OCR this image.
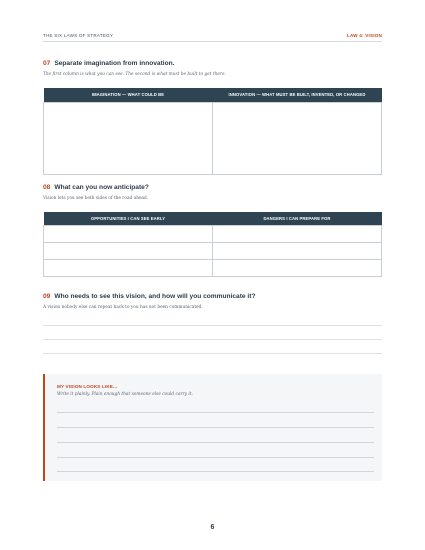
THE SIX LAWS OF STRATEGY	LAW 4: VISION
07 Separate imagination from innovation.
The first column is what you can see. The second is what must be built to get there.
IMAGINATION — WHAT COULD BE	INNOVATION — WHAT MUST BE BUILT, INVENTED, OR CHANGED

08 What can you now anticipate?
Vision lets you see both sides of the road ahead.
OPPORTUNITIES I CAN SEE EARLY	DANGERS I CAN PREPARE FOR

09 Who needs to see this vision, and how will you communicate it?
A vision nobody else can repeat back to you has not been communicated.
MY VISION LOOKS LIKE...
Write it plainly. Plain enough that someone else could carry it.
6
